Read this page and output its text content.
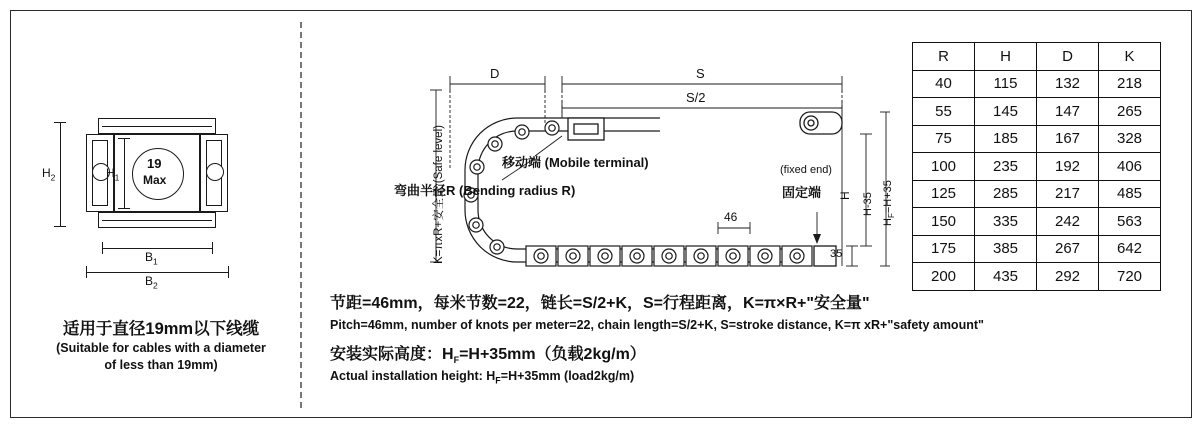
19
Max
$H_2$	$H_1$
$B_1$
$B_2$
适用于直径19mm以下线缆
(Suitable for cables with a diameter
of less than 19mm)
D	S
S/2
46
35
K=πxR+安全量 (Safe level)	H H-35
$H_F=H+35$
移动端 (Mobile terminal)
弯曲半径R (Bending radius R)
(fixed end)
固定端
节距=46mm，每米节数=22，链长=S/2+K，S=行程距离，K=π×R+"安全量"
Pitch=46mm, number of knots per meter=22, chain length=S/2+K, S=stroke distance, K=π xR+"safety amount"
安装实际高度：$H_F=H+35mm$（负载2kg/m）
Actual installation height: $H_F=H+35mm$ (load2kg/m)
R	H	D	K
40	115	132	218
55	145	147	265
75	185	167	328
100	235	192	406
125	285	217	485
150	335	242	563
175	385	267	642
200	435	292	720
